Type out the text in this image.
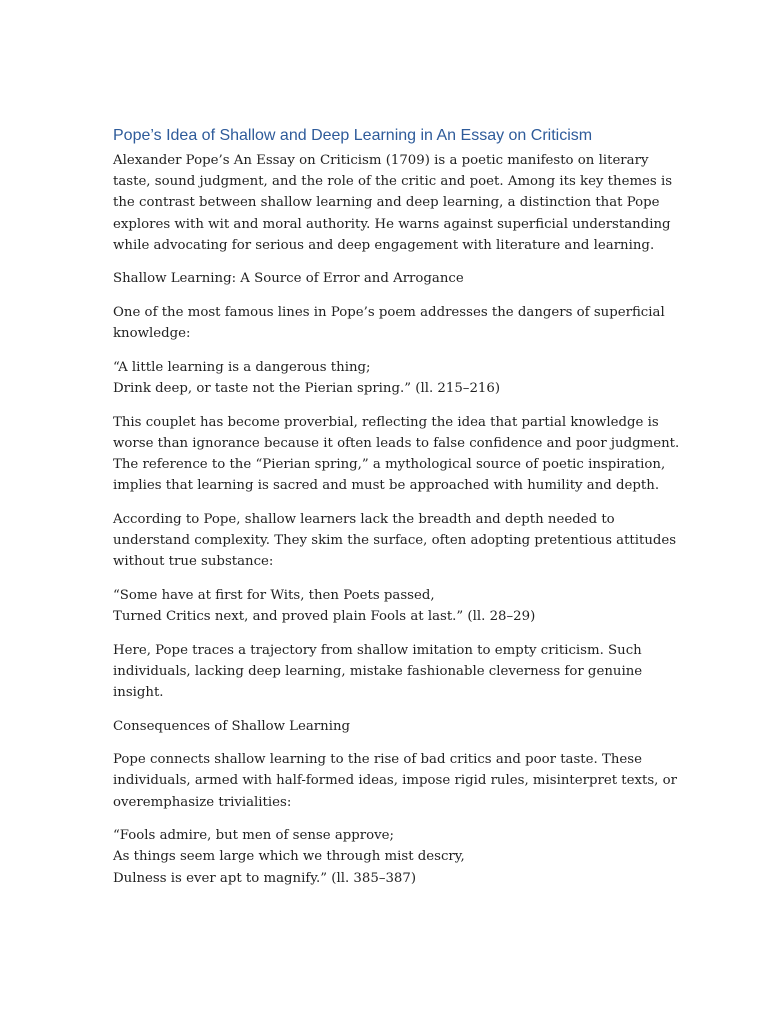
Pope’s Idea of Shallow and Deep Learning in An Essay on Criticism

Alexander Pope’s An Essay on Criticism (1709) is a poetic manifesto on literary
taste, sound judgment, and the role of the critic and poet. Among its key themes is
the contrast between shallow learning and deep learning, a distinction that Pope
explores with wit and moral authority. He warns against superficial understanding
while advocating for serious and deep engagement with literature and learning.

Shallow Learning: A Source of Error and Arrogance

One of the most famous lines in Pope’s poem addresses the dangers of superficial
knowledge:

“A little learning is a dangerous thing;
Drink deep, or taste not the Pierian spring.” (ll. 215–216)

This couplet has become proverbial, reflecting the idea that partial knowledge is
worse than ignorance because it often leads to false confidence and poor judgment.
The reference to the “Pierian spring,” a mythological source of poetic inspiration,
implies that learning is sacred and must be approached with humility and depth.

According to Pope, shallow learners lack the breadth and depth needed to
understand complexity. They skim the surface, often adopting pretentious attitudes
without true substance:

“Some have at first for Wits, then Poets passed,
Turned Critics next, and proved plain Fools at last.” (ll. 28–29)

Here, Pope traces a trajectory from shallow imitation to empty criticism. Such
individuals, lacking deep learning, mistake fashionable cleverness for genuine
insight.

Consequences of Shallow Learning

Pope connects shallow learning to the rise of bad critics and poor taste. These
individuals, armed with half-formed ideas, impose rigid rules, misinterpret texts, or
overemphasize trivialities:

“Fools admire, but men of sense approve;
As things seem large which we through mist descry,
Dulness is ever apt to magnify.” (ll. 385–387)
